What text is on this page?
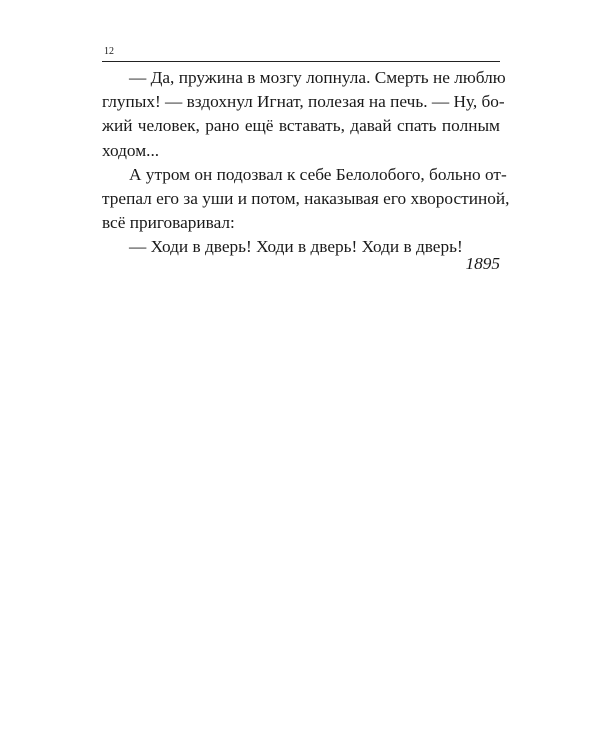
12
— Да, пружина в мозгу лопнула. Смерть не люблю
глупых! — вздохнул Игнат, полезая на печь. — Ну, бо-
жий человек, рано ещё вставать, давай спать полным
ходом...
А утром он подозвал к себе Белолобого, больно от-
трепал его за уши и потом, наказывая его хворостиной,
всё приговаривал:
— Ходи в дверь! Ходи в дверь! Ходи в дверь!
1895
